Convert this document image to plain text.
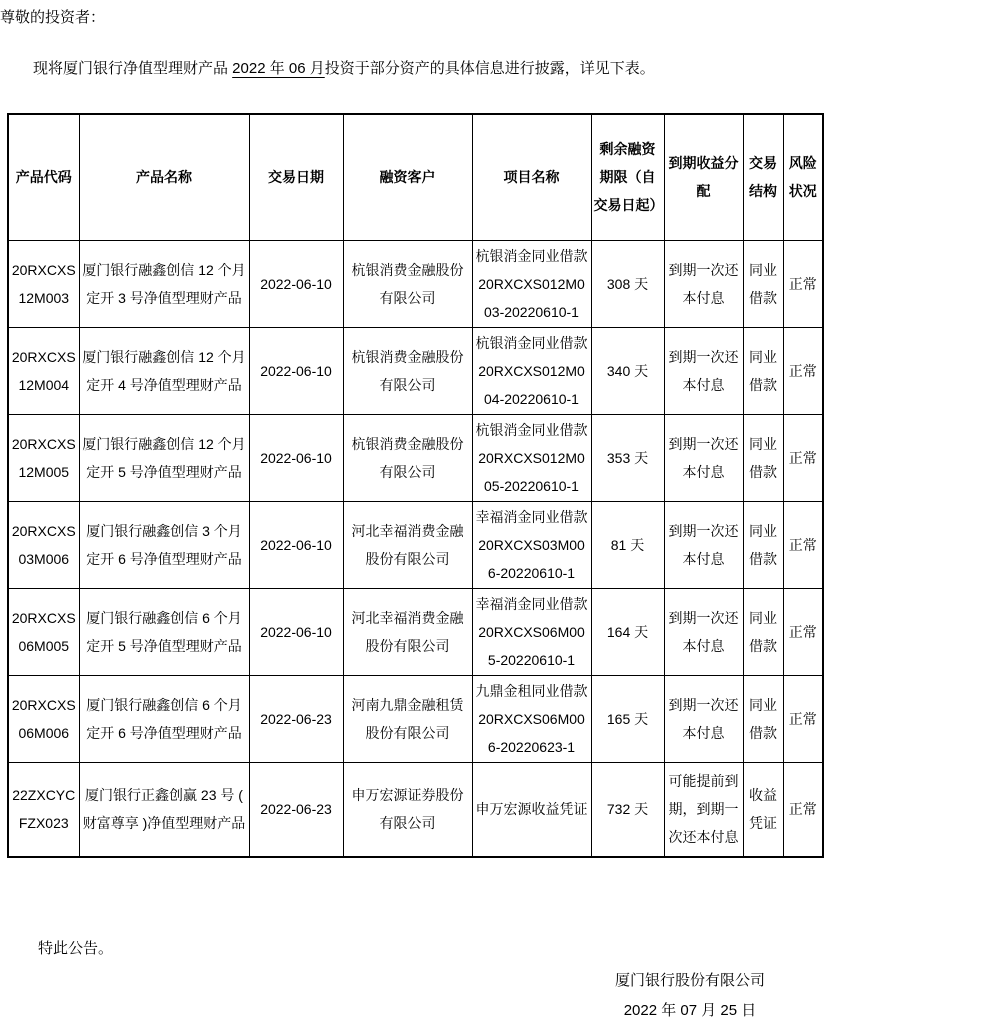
尊敬的投资者：
现将厦门银行净值型理财产品 2022 年 06 月投资于部分资产的具体信息进行披露，详见下表。
产品代码	产品名称	交易日期	融资客户	项目名称	剩余融资期限（自交易日起）	到期收益分配	交易结构	风险状况
20RXCXS12M003	厦门银行融鑫创信 12 个月定开 3 号净值型理财产品	2022-06-10	杭银消费金融股份有限公司	杭银消金同业借款20RXCXS012M003-20220610-1	308 天	到期一次还本付息	同业借款	正常
20RXCXS12M004	厦门银行融鑫创信 12 个月定开 4 号净值型理财产品	2022-06-10	杭银消费金融股份有限公司	杭银消金同业借款20RXCXS012M004-20220610-1	340 天	到期一次还本付息	同业借款	正常
20RXCXS12M005	厦门银行融鑫创信 12 个月定开 5 号净值型理财产品	2022-06-10	杭银消费金融股份有限公司	杭银消金同业借款20RXCXS012M005-20220610-1	353 天	到期一次还本付息	同业借款	正常
20RXCXS03M006	厦门银行融鑫创信 3 个月定开 6 号净值型理财产品	2022-06-10	河北幸福消费金融股份有限公司	幸福消金同业借款20RXCXS03M006-20220610-1	81 天	到期一次还本付息	同业借款	正常
20RXCXS06M005	厦门银行融鑫创信 6 个月定开 5 号净值型理财产品	2022-06-10	河北幸福消费金融股份有限公司	幸福消金同业借款20RXCXS06M005-20220610-1	164 天	到期一次还本付息	同业借款	正常
20RXCXS06M006	厦门银行融鑫创信 6 个月定开 6 号净值型理财产品	2022-06-23	河南九鼎金融租赁股份有限公司	九鼎金租同业借款20RXCXS06M006-20220623-1	165 天	到期一次还本付息	同业借款	正常
22ZXCYCFZX023	厦门银行正鑫创赢 23 号 ( 财富尊享 )净值型理财产品	2022-06-23	申万宏源证券股份有限公司	申万宏源收益凭证	732 天	可能提前到期，到期一次还本付息	收益凭证	正常
特此公告。
厦门银行股份有限公司
2022 年 07 月 25 日
